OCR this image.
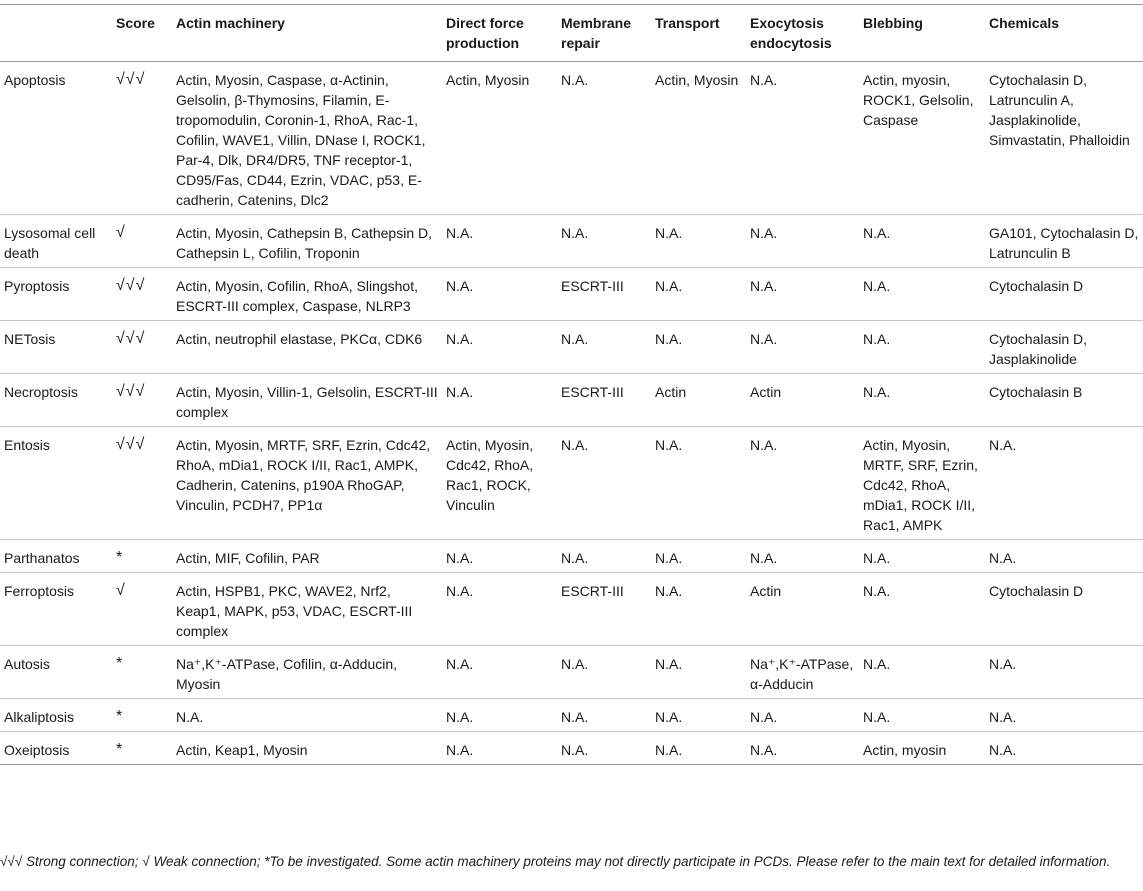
	Score	Actin machinery	Direct force production	Membrane repair	Transport	Exocytosis endocytosis	Blebbing	Chemicals
Apoptosis	√√√	Actin, Myosin, Caspase, α-Actinin, Gelsolin, β-Thymosins, Filamin, E-tropomodulin, Coronin-1, RhoA, Rac-1, Cofilin, WAVE1, Villin, DNase I, ROCK1, Par-4, Dlk, DR4/DR5, TNF receptor-1, CD95/Fas, CD44, Ezrin, VDAC, p53, E-cadherin, Catenins, Dlc2	Actin, Myosin	N.A.	Actin, Myosin	N.A.	Actin, myosin, ROCK1, Gelsolin, Caspase	Cytochalasin D, Latrunculin A, Jasplakinolide, Simvastatin, Phalloidin
Lysosomal cell death	√	Actin, Myosin, Cathepsin B, Cathepsin D, Cathepsin L, Cofilin, Troponin	N.A.	N.A.	N.A.	N.A.	N.A.	GA101, Cytochalasin D, Latrunculin B
Pyroptosis	√√√	Actin, Myosin, Cofilin, RhoA, Slingshot, ESCRT-III complex, Caspase, NLRP3	N.A.	ESCRT-III	N.A.	N.A.	N.A.	Cytochalasin D
NETosis	√√√	Actin, neutrophil elastase, PKCα, CDK6	N.A.	N.A.	N.A.	N.A.	N.A.	Cytochalasin D, Jasplakinolide
Necroptosis	√√√	Actin, Myosin, Villin-1, Gelsolin, ESCRT-III complex	N.A.	ESCRT-III	Actin	Actin	N.A.	Cytochalasin B
Entosis	√√√	Actin, Myosin, MRTF, SRF, Ezrin, Cdc42, RhoA, mDia1, ROCK I/II, Rac1, AMPK, Cadherin, Catenins, p190A RhoGAP, Vinculin, PCDH7, PP1α	Actin, Myosin, Cdc42, RhoA, Rac1, ROCK, Vinculin	N.A.	N.A.	N.A.	Actin, Myosin, MRTF, SRF, Ezrin, Cdc42, RhoA, mDia1, ROCK I/II, Rac1, AMPK	N.A.
Parthanatos	*	Actin, MIF, Cofilin, PAR	N.A.	N.A.	N.A.	N.A.	N.A.	N.A.
Ferroptosis	√	Actin, HSPB1, PKC, WAVE2, Nrf2, Keap1, MAPK, p53, VDAC, ESCRT-III complex	N.A.	ESCRT-III	N.A.	Actin	N.A.	Cytochalasin D
Autosis	*	Na⁺,K⁺-ATPase, Cofilin, α-Adducin, Myosin	N.A.	N.A.	N.A.	Na⁺,K⁺-ATPase, α-Adducin	N.A.	N.A.
Alkaliptosis	*	N.A.	N.A.	N.A.	N.A.	N.A.	N.A.	N.A.
Oxeiptosis	*	Actin, Keap1, Myosin	N.A.	N.A.	N.A.	N.A.	Actin, myosin	N.A.
√√√ Strong connection; √ Weak connection; *To be investigated. Some actin machinery proteins may not directly participate in PCDs. Please refer to the main text for detailed information.
